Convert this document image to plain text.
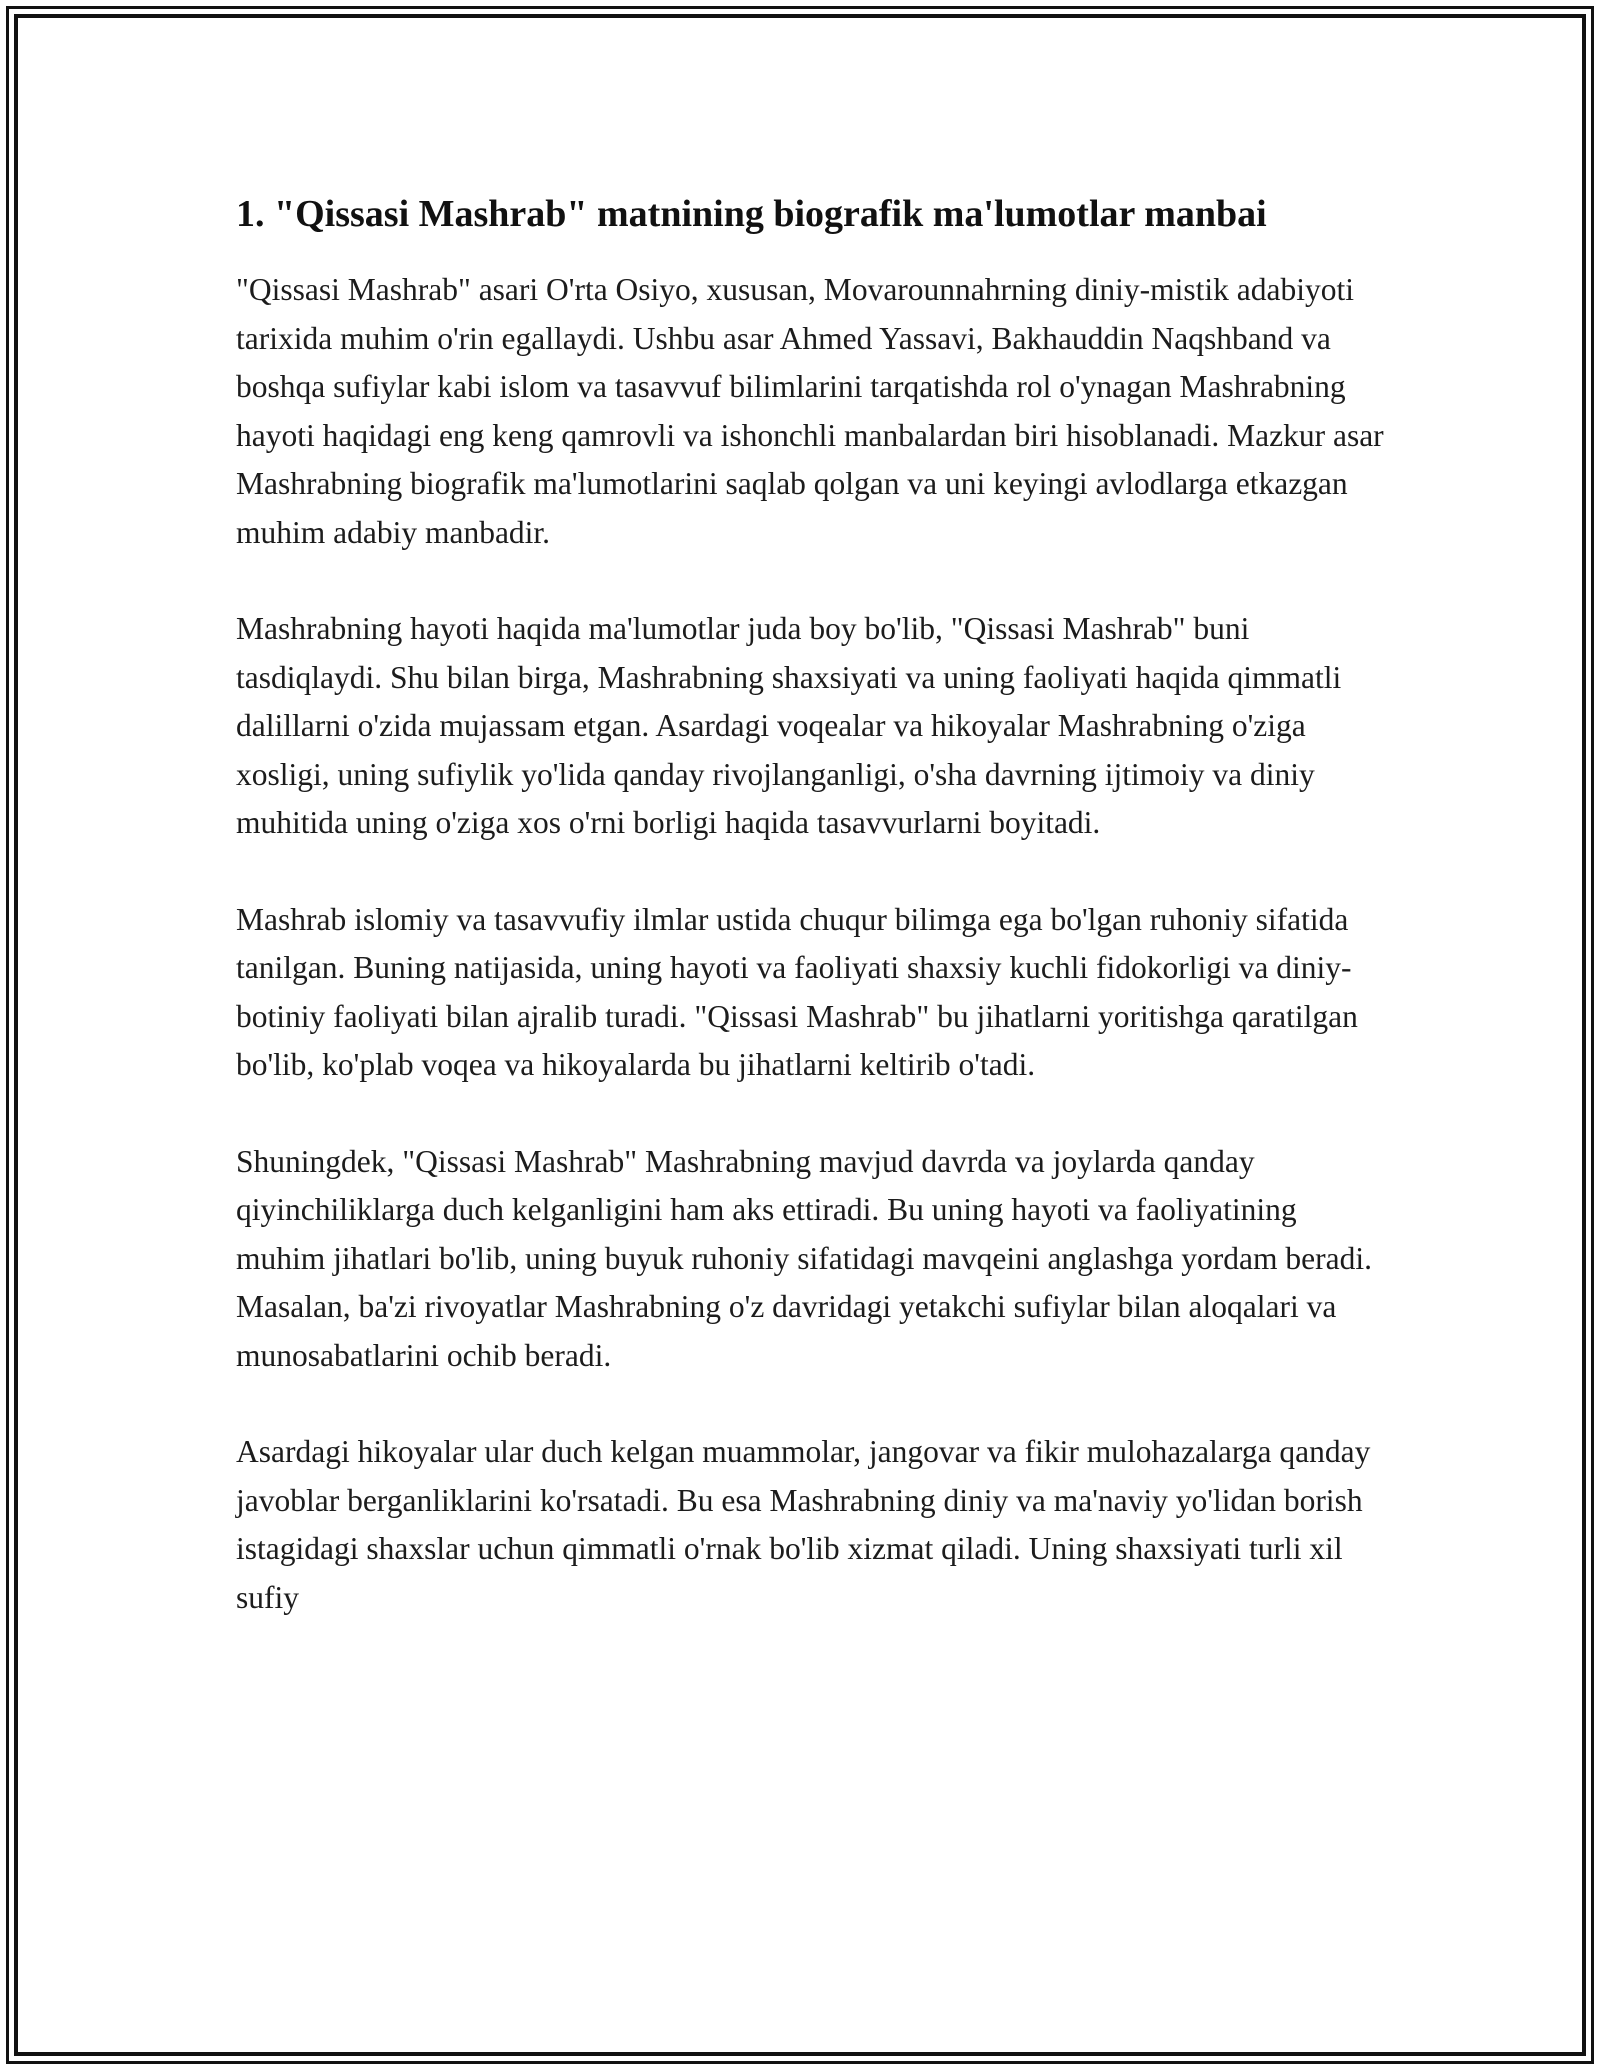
1. "Qissasi Mashrab" matnining biografik ma'lumotlar manbai

"Qissasi Mashrab" asari O'rta Osiyo, xususan, Movarounnahrning diniy-mistik adabiyoti tarixida muhim o'rin egallaydi. Ushbu asar Ahmed Yassavi, Bakhauddin Naqshband va boshqa sufiylar kabi islom va tasavvuf bilimlarini tarqatishda rol o'ynagan Mashrabning hayoti haqidagi eng keng qamrovli va ishonchli manbalardan biri hisoblanadi. Mazkur asar Mashrabning biografik ma'lumotlarini saqlab qolgan va uni keyingi avlodlarga etkazgan muhim adabiy manbadir.

Mashrabning hayoti haqida ma'lumotlar juda boy bo'lib, "Qissasi Mashrab" buni tasdiqlaydi. Shu bilan birga, Mashrabning shaxsiyati va uning faoliyati haqida qimmatli dalillarni o'zida mujassam etgan. Asardagi voqealar va hikoyalar Mashrabning o'ziga xosligi, uning sufiylik yo'lida qanday rivojlanganligi, o'sha davrning ijtimoiy va diniy muhitida uning o'ziga xos o'rni borligi haqida tasavvurlarni boyitadi.

Mashrab islomiy va tasavvufiy ilmlar ustida chuqur bilimga ega bo'lgan ruhoniy sifatida tanilgan. Buning natijasida, uning hayoti va faoliyati shaxsiy kuchli fidokorligi va diniy-botiniy faoliyati bilan ajralib turadi. "Qissasi Mashrab" bu jihatlarni yoritishga qaratilgan bo'lib, ko'plab voqea va hikoyalarda bu jihatlarni keltirib o'tadi.

Shuningdek, "Qissasi Mashrab" Mashrabning mavjud davrda va joylarda qanday qiyinchiliklarga duch kelganligini ham aks ettiradi. Bu uning hayoti va faoliyatining muhim jihatlari bo'lib, uning buyuk ruhoniy sifatidagi mavqeini anglashga yordam beradi. Masalan, ba'zi rivoyatlar Mashrabning o'z davridagi yetakchi sufiylar bilan aloqalari va munosabatlarini ochib beradi.

Asardagi hikoyalar ular duch kelgan muammolar, jangovar va fikir mulohazalarga qanday javoblar berganliklarini ko'rsatadi. Bu esa Mashrabning diniy va ma'naviy yo'lidan borish istagidagi shaxslar uchun qimmatli o'rnak bo'lib xizmat qiladi. Uning shaxsiyati turli xil sufiy
